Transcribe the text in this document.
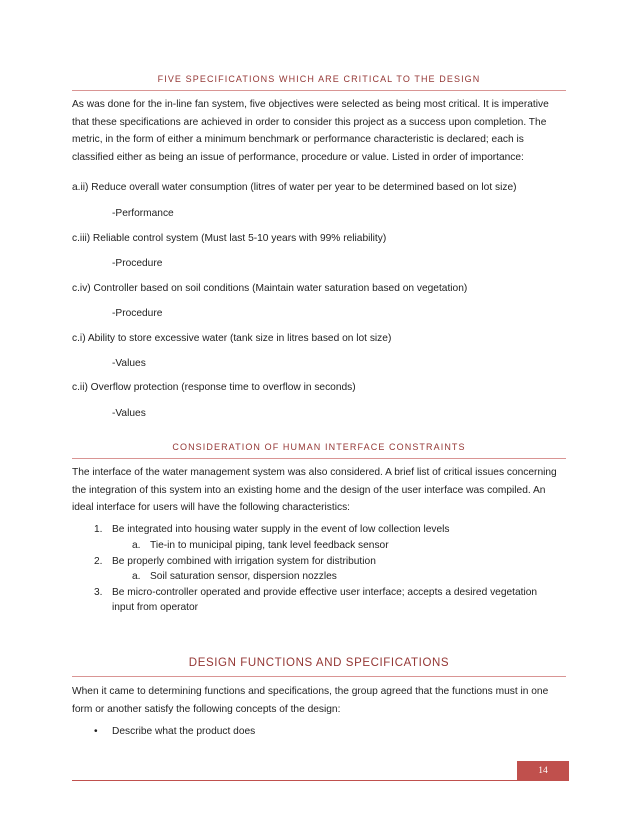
FIVE SPECIFICATIONS WHICH ARE CRITICAL TO THE DESIGN

As was done for the in-line fan system, five objectives were selected as being most critical. It is imperative that these specifications are achieved in order to consider this project as a success upon completion. The metric, in the form of either a minimum benchmark or performance characteristic is declared; each is classified either as being an issue of performance, procedure or value. Listed in order of importance:

a.ii) Reduce overall water consumption (litres of water per year to be determined based on lot size)
-Performance
c.iii) Reliable control system (Must last 5-10 years with 99% reliability)
-Procedure
c.iv) Controller based on soil conditions (Maintain water saturation based on vegetation)
-Procedure
c.i) Ability to store excessive water (tank size in litres based on lot size)
-Values
c.ii) Overflow protection (response time to overflow in seconds)
-Values
CONSIDERATION OF HUMAN INTERFACE CONSTRAINTS

The interface of the water management system was also considered. A brief list of critical issues concerning the integration of this system into an existing home and the design of the user interface was compiled. An ideal interface for users will have the following characteristics:

1. Be integrated into housing water supply in the event of low collection levels
a. Tie-in to municipal piping, tank level feedback sensor
2. Be properly combined with irrigation system for distribution
a. Soil saturation sensor, dispersion nozzles
3. Be micro-controller operated and provide effective user interface; accepts a desired vegetation
input from operator
DESIGN FUNCTIONS AND SPECIFICATIONS

When it came to determining functions and specifications, the group agreed that the functions must in one form or another satisfy the following concepts of the design:

• Describe what the product does
14
